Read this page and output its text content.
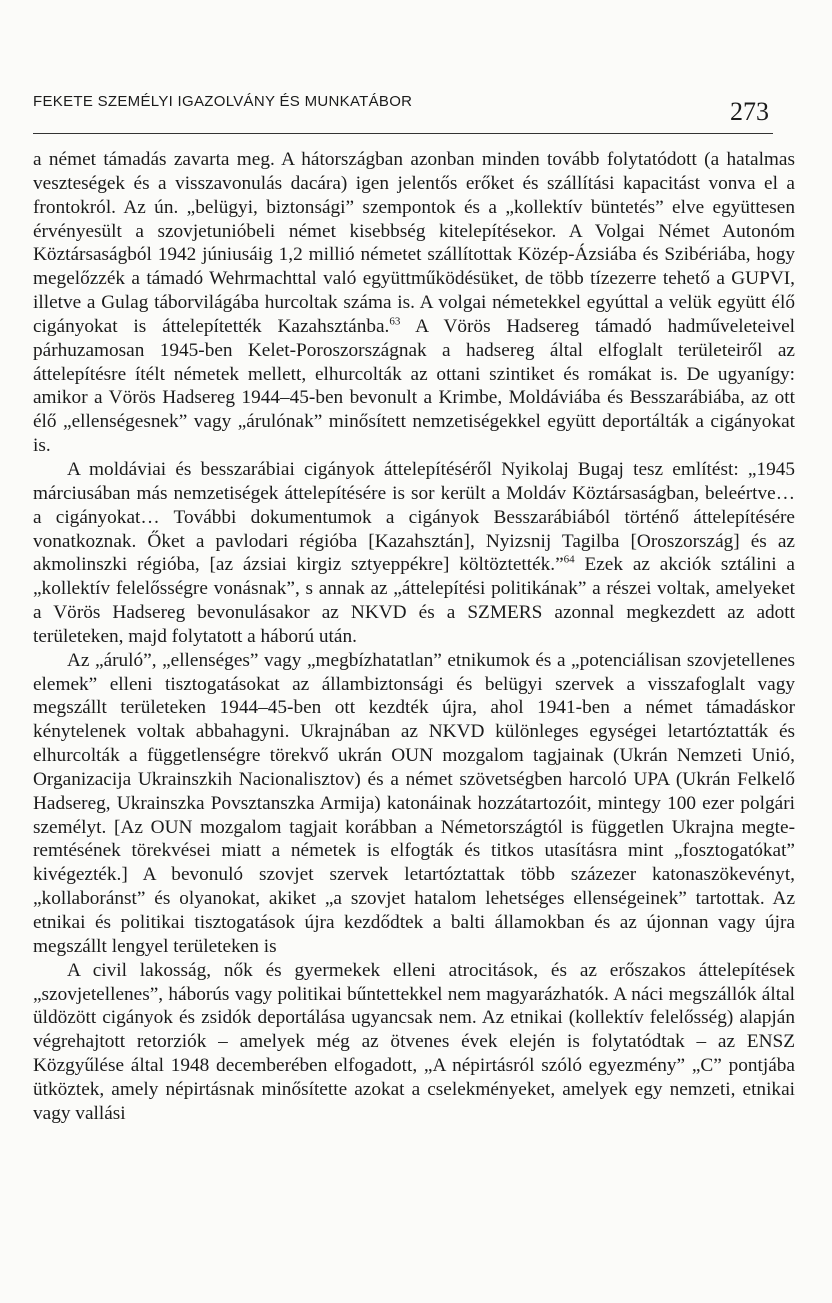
FEKETE SZEMÉLYI IGAZOLVÁNY ÉS MUNKATÁBOR	273

a német támadás zavarta meg. A hátországban azonban minden tovább folytatódott (a hatalmas veszteségek és a visszavonulás dacára) igen jelentős erőket és szállítási kapacitást vonva el a frontokról. Az ún. „belügyi, biztonsági” szempontok és a „kollektív büntetés” elve együttesen érvényesült a szovjetunióbeli német kisebbség kitelepítésekor. A Volgai Német Autonóm Köztársaságból 1942 júniusáig 1,2 millió németet szállítottak Közép-Ázsiába és Szibériába, hogy megelőzzék a támadó Wehrmachttal való együttműködésüket, de több tízezerre tehető a GUPVI, illetve a Gulag táborvilágába hurcoltak száma is. A volgai németekkel egyúttal a velük együtt élő cigányokat is áttelepítették Kazahsztánba.$^{63}$ A Vörös Hadsereg támadó hadműveleteivel párhuzamosan 1945-ben Kelet-Poroszországnak a hadsereg által elfoglalt területeiről az áttelepítésre ítélt németek mellett, elhurcolták az ottani szintiket és romákat is. De ugyanígy: amikor a Vörös Hadsereg 1944–45-ben bevonult a Krimbe, Moldáviába és Besszarábiába, az ott élő „ellenségesnek” vagy „árulónak” minősített nemzetiségekkel együtt deportálták a cigányokat is.

A moldáviai és besszarábiai cigányok áttelepítéséről Nyikolaj Bugaj tesz említést: „1945 márciusában más nemzetiségek áttelepítésére is sor került a Moldáv Köztársaságban, beleértve… a cigányokat… További dokumentumok a cigányok Besszarábiából történő áttelepítésére vonatkoznak. Őket a pavlodari régióba [Kazahsztán], Nyizsnij Tagilba [Oroszország] és az akmolinszki régióba, [az ázsiai kirgiz sztyeppékre] költöztették.”$^{64}$ Ezek az akciók sztálini a „kollektív felelősségre vonásnak”, s annak az „áttelepítési politikának” a részei voltak, amelyeket a Vörös Hadsereg bevonulásakor az NKVD és a SZMERS azonnal megkezdett az adott területeken, majd folytatott a háború után.

Az „áruló”, „ellenséges” vagy „megbízhatatlan” etnikumok és a „potenciálisan szovjetellenes elemek” elleni tisztogatásokat az állambiztonsági és belügyi szervek a visszafoglalt vagy megszállt területeken 1944–45-ben ott kezdték újra, ahol 1941-ben a német támadáskor kénytelenek voltak abbahagyni. Ukrajnában az NKVD különleges egységei letartóztatták és elhurcolták a függetlenségre törekvő ukrán OUN mozgalom tagjainak (Ukrán Nemzeti Unió, Organizacija Ukrainszkih Nacionalisztov) és a német szövetségben harcoló UPA (Ukrán Felkelő Hadsereg, Ukrainszka Povsztanszka Armija) katonáinak hozzátartozóit, mintegy 100 ezer polgári személyt. [Az OUN mozgalom tagjait korábban a Németországtól is független Ukrajna megteremtésének törekvései miatt a németek is elfogták és titkos utasításra mint „fosztogatókat” kivégezték.] A bevonuló szovjet szervek letartóztattak több százezer katonaszökevényt, „kollaboránst” és olyanokat, akiket „a szovjet hatalom lehetséges ellenségeinek” tartottak. Az etnikai és politikai tisztogatások újra kezdődtek a balti államokban és az újonnan vagy újra megszállt lengyel területeken is

A civil lakosság, nők és gyermekek elleni atrocitások, és az erőszakos áttelepítések „szovjetellenes”, háborús vagy politikai bűntettekkel nem magyarázhatók. A náci megszállók által üldözött cigányok és zsidók deportálása ugyancsak nem. Az etnikai (kollektív felelősség) alapján végrehajtott retorziók – amelyek még az ötvenes évek elején is folytatódtak – az ENSZ Közgyűlése által 1948 decemberében elfogadott, „A népirtásról szóló egyezmény” „C” pontjába ütköztek, amely népirtásnak minősítette azokat a cselekményeket, amelyek egy nemzeti, etnikai vagy vallási
